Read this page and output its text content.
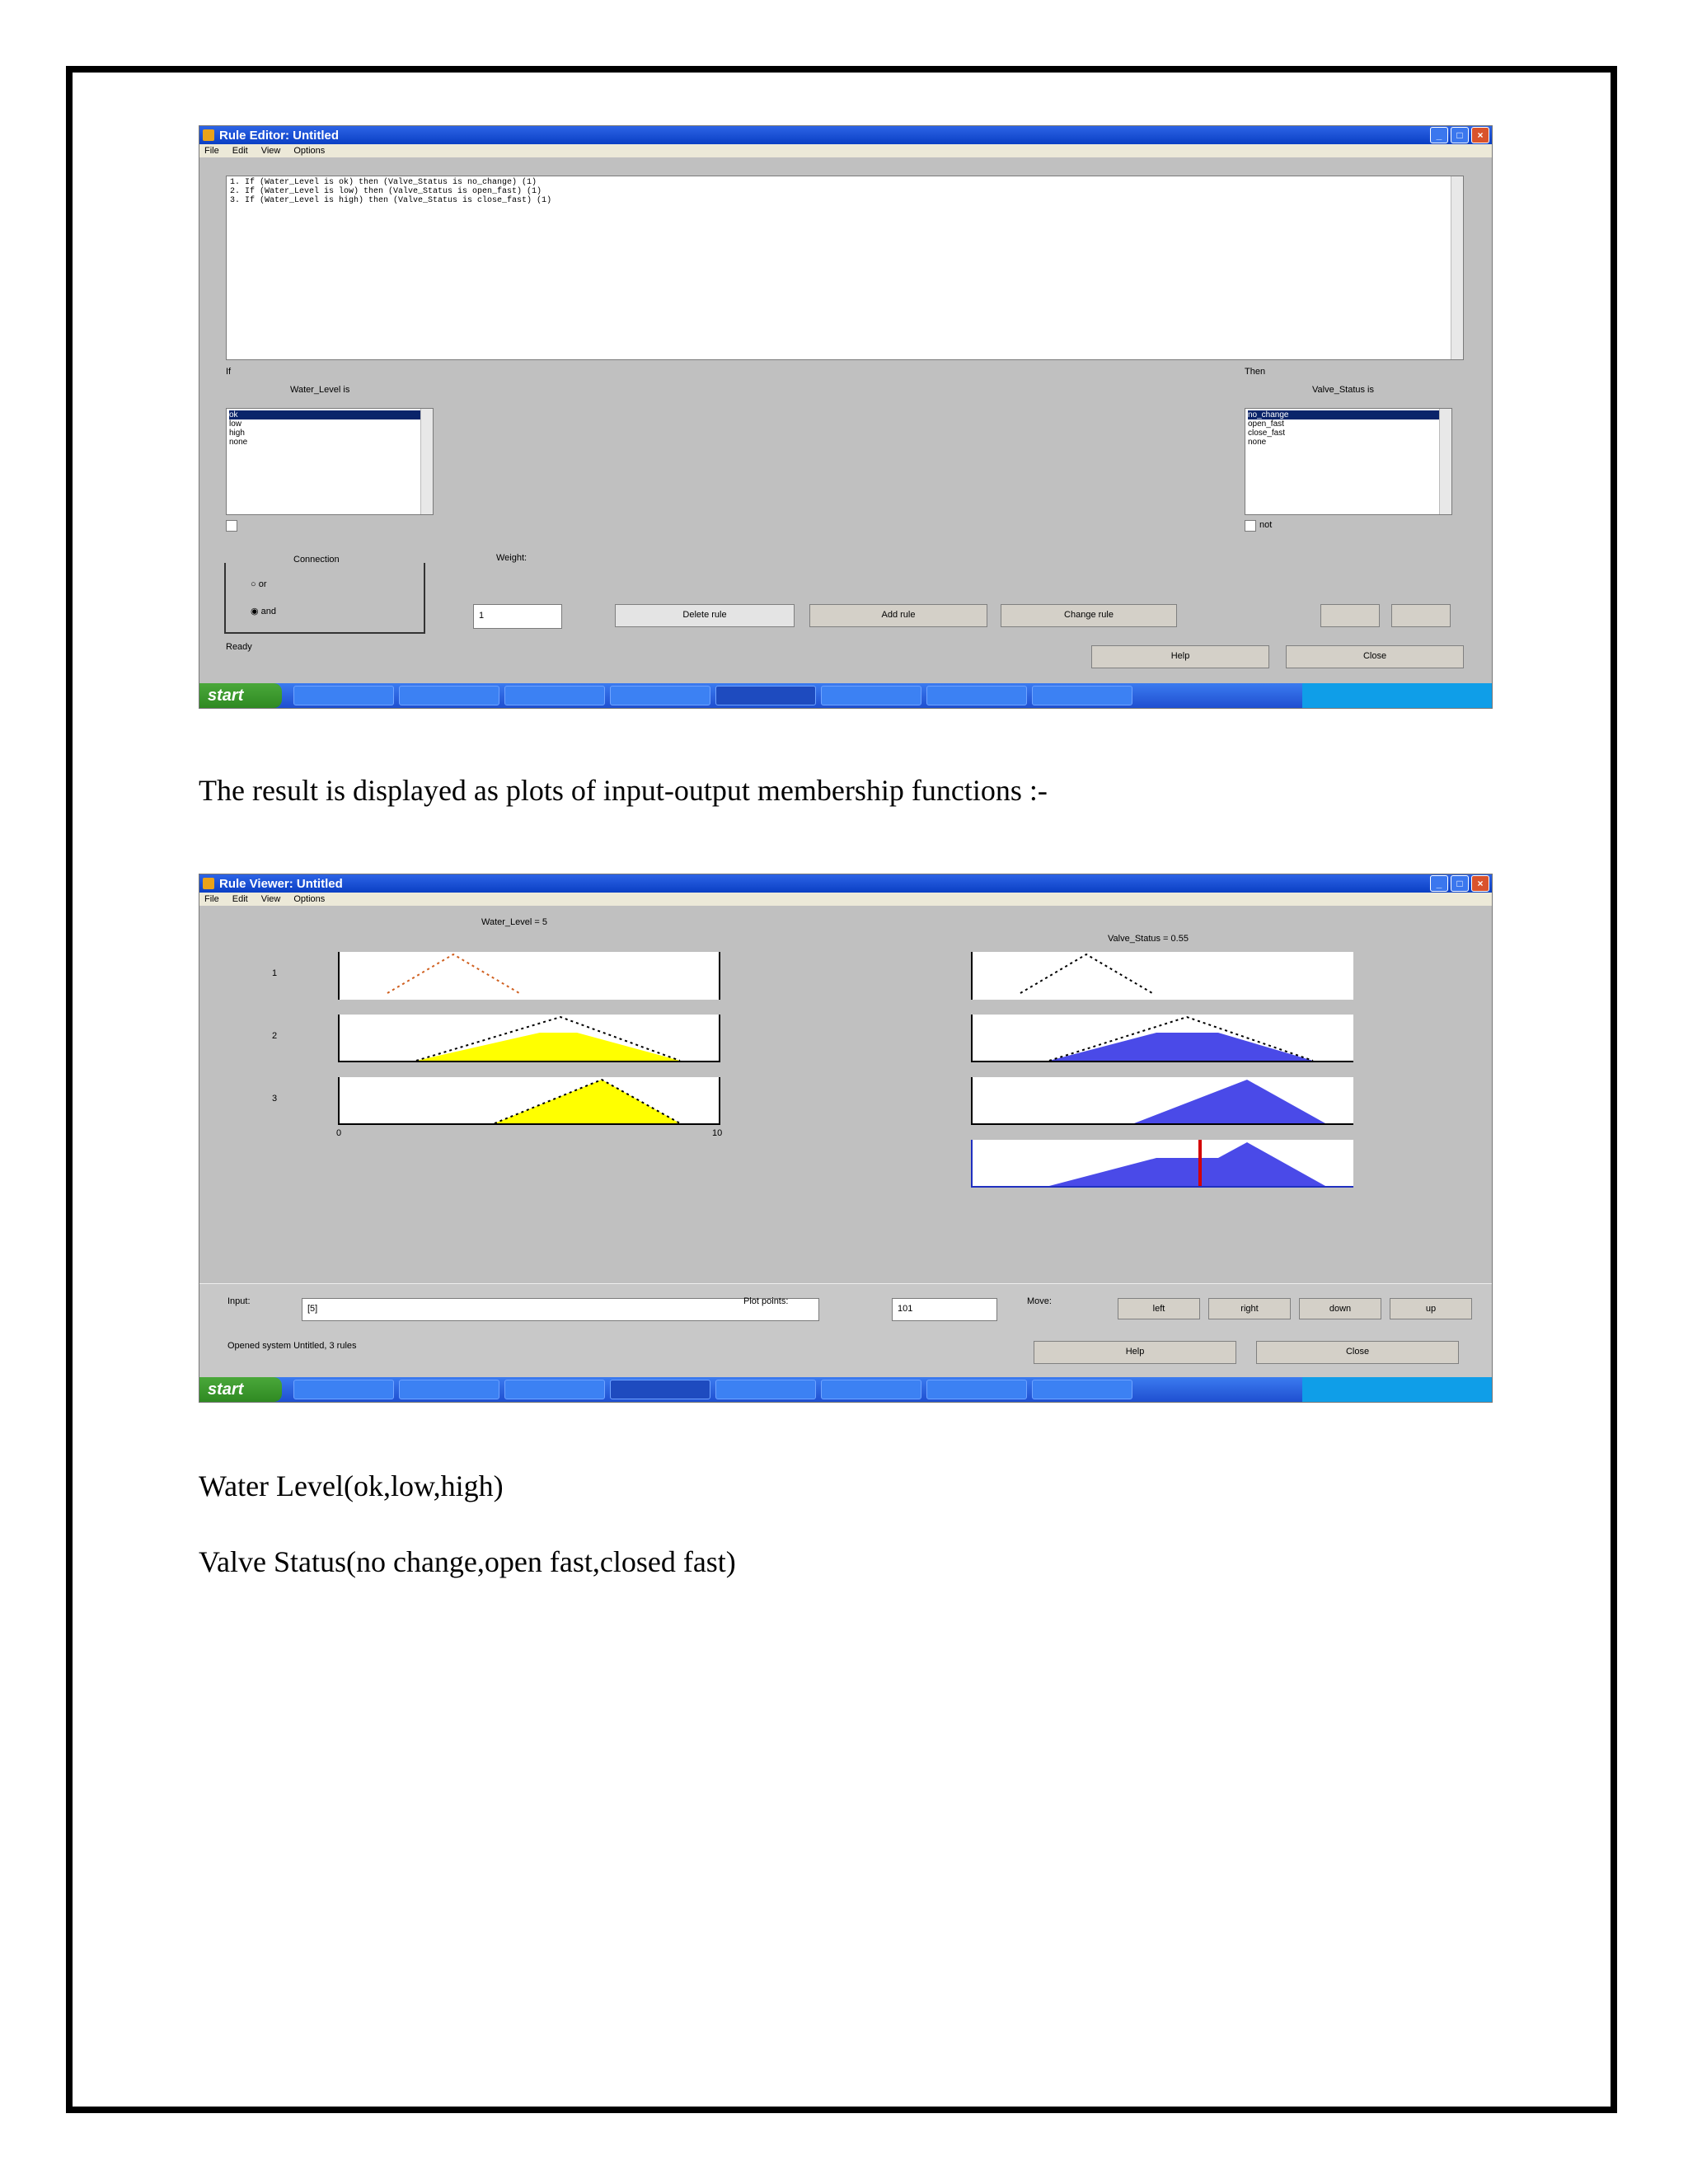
Rule Editor: Untitled	_	□	×
File Edit View Options
1. If (Water_Level is ok) then (Valve_Status is no_change) (1)
2. If (Water_Level is low) then (Valve_Status is open_fast) (1)
3. If (Water_Level is high) then (Valve_Status is close_fast) (1)
If
Water_Level is
Then
Valve_Status is
ok
low
high
none
no_change
open_fast
close_fast
none
not
Connection
○ or
◉ and
Weight:
1	Delete rule	Add rule	Change rule
Ready
Help	Close
start
The result is displayed as plots of input-output membership functions :-
Rule Viewer: Untitled	_	□	×
File Edit View Options
Water_Level = 5
Valve_Status = 0.55
1
2
3
0	10
Input:
[5]
Plot points:
101
Move:
left	right	down	up
Opened system Untitled, 3 rules
Help	Close
start
Water Level(ok,low,high)
Valve Status(no change,open fast,closed fast)
